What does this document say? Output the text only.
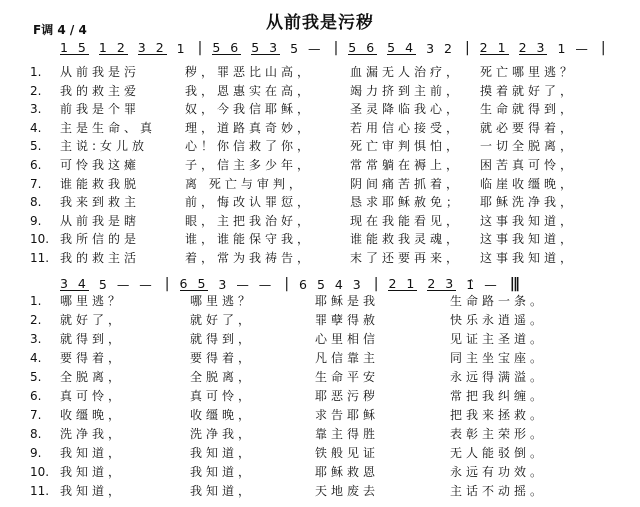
从前我是污秽
F调 4 / 4
1 5 1 2 3 2 1 | 5 6 5 3 5 — | 5 6 5 4 3 2 | 2 1 2 3 1 — |
1. 从前我是污	秽，罪恶比山高，	血漏无人治疗， 死亡哪里逃？
2. 我的救主爱	我，恩惠实在高，	竭力挤到主前， 摸着就好了，
3. 前我是个罪	奴，今我信耶稣，	圣灵降临我心， 生命就得到，
4. 主是生命、真 理，道路真奇妙，	若用信心接受， 就必要得着，
5. 主说:女儿放	心！你信救了你，	死亡审判惧怕， 一切全脱离，
6. 可怜我这瘫	子，信主多少年，	常常躺在褥上， 困苦真可怜，
7. 谁能救我脱	离 死亡与审判，	阴间痛苦抓着， 临崖收缰晚，
8. 我来到救主	前，悔改认罪愆，	恳求耶稣赦免； 耶稣洗净我，
9. 从前我是瞎	眼，主把我治好，	现在我能看见， 这事我知道，
10. 我所信的是	谁，谁能保守我，	谁能救我灵魂， 这事我知道，
11. 我的救主活	着，常为我祷告，	末了还要再来， 这事我知道，
3 4 5 — — | 6 5 3 — — | 6 5 4 3 | 2 1 2 3 1̂ — |‖
1. 哪里逃？	哪里逃？	耶稣是我	生命路一条。
2. 就好了，	就好了，	罪孽得赦	快乐永逍遥。
3. 就得到，	就得到，	心里相信	见证主圣道。
4. 要得着，	要得着，	凡信靠主	同主坐宝座。
5. 全脱离，	全脱离，	生命平安	永远得满溢。
6. 真可怜，	真可怜，	耶恶污秽	常把我纠缠。
7. 收缰晚，	收缰晚，	求告耶稣	把我来拯救。
8. 洗净我，	洗净我，	靠主得胜	表彰主荣形。
9. 我知道，	我知道，	铁般见证	无人能驳倒。
10. 我知道，	我知道，	耶稣救恩	永远有功效。
11. 我知道，	我知道，	天地废去	主话不动摇。
